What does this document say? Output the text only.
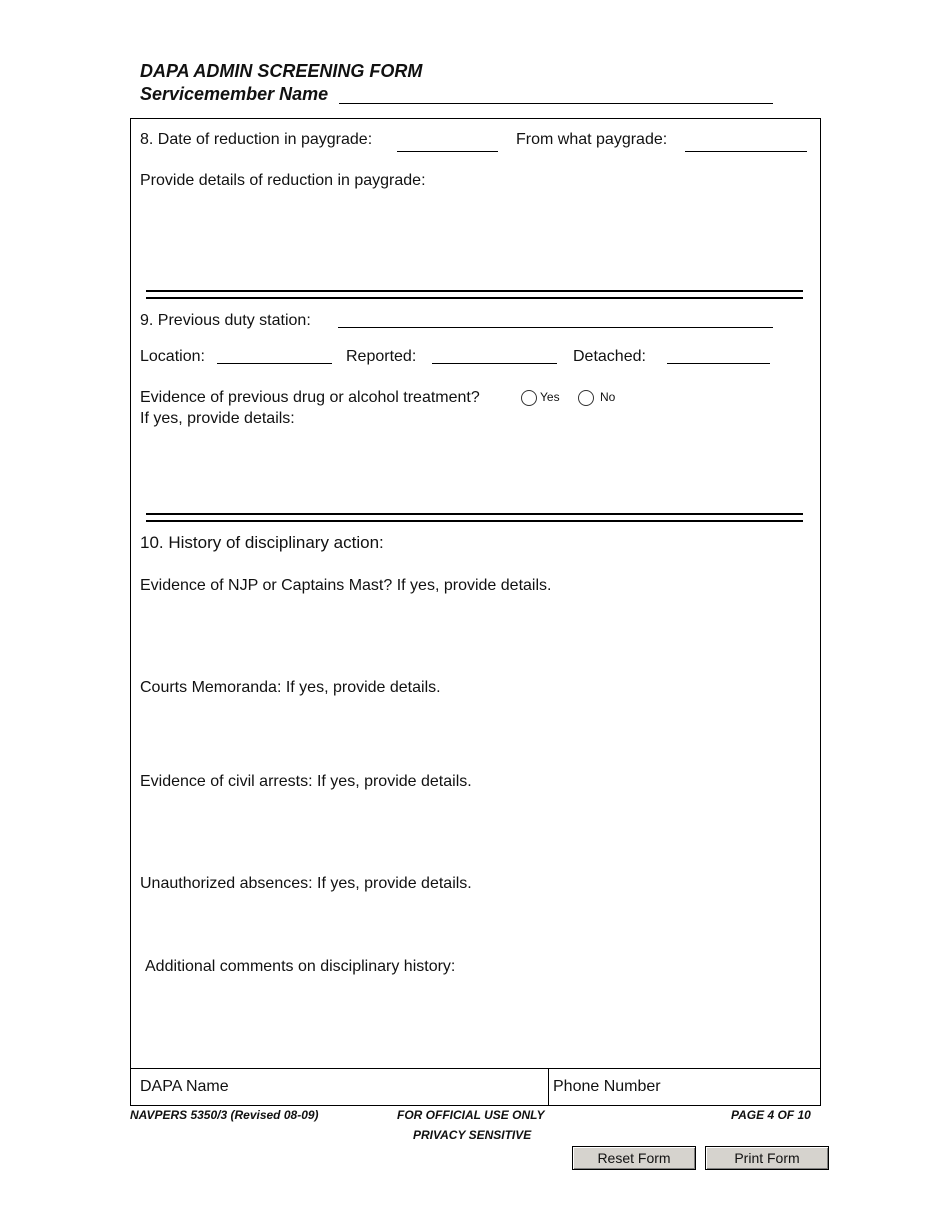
DAPA ADMIN SCREENING FORM
Servicemember Name
8. Date of reduction in paygrade:	From what paygrade:
Provide details of reduction in paygrade:
9. Previous duty station:
Location:	Reported:	Detached:
Evidence of previous drug or alcohol treatment?	Yes	No
If yes, provide details:
10. History of disciplinary action:
Evidence of NJP or Captains Mast? If yes, provide details.
Courts Memoranda: If yes, provide details.
Evidence of civil arrests: If yes, provide details.
Unauthorized absences: If yes, provide details.
Additional comments on disciplinary history:
DAPA Name	Phone Number
NAVPERS 5350/3 (Revised 08-09)	FOR OFFICIAL USE ONLY
PRIVACY SENSITIVE
PAGE 4 OF 10
Reset Form	Print Form
